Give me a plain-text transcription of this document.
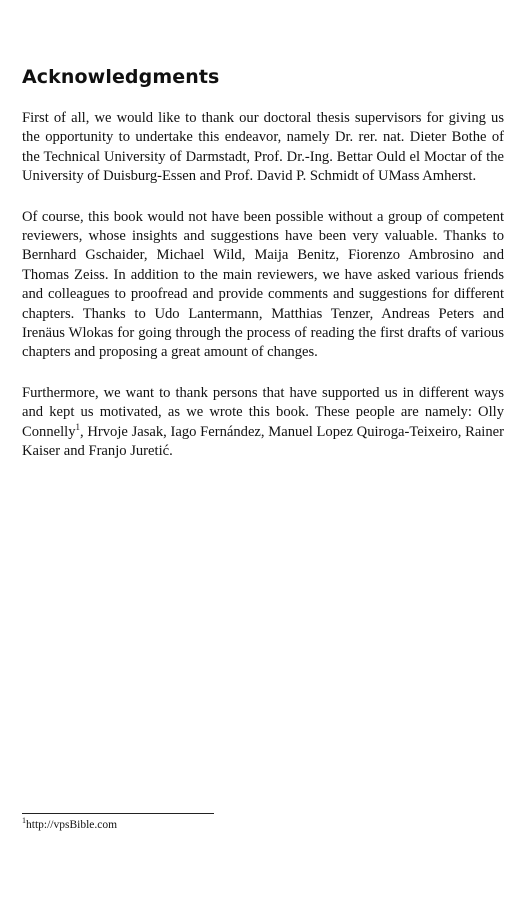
Acknowledgments

First of all, we would like to thank our doctoral thesis supervisors for giving us the opportunity to undertake this endeavor, namely Dr. rer. nat. Dieter Bothe of the Technical University of Darmstadt, Prof. Dr.-Ing. Bettar Ould el Moctar of the University of Duisburg-Essen and Prof. David P. Schmidt of UMass Amherst.

Of course, this book would not have been possible without a group of competent reviewers, whose insights and suggestions have been very valuable. Thanks to Bernhard Gschaider, Michael Wild, Maija Benitz, Fiorenzo Ambrosino and Thomas Zeiss. In addition to the main reviewers, we have asked various friends and colleagues to proofread and provide comments and suggestions for different chapters. Thanks to Udo Lantermann, Matthias Tenzer, Andreas Peters and Irenäus Wlokas for going through the process of reading the first drafts of various chapters and proposing a great amount of changes.

Furthermore, we want to thank persons that have supported us in different ways and kept us motivated, as we wrote this book. These people are namely: Olly Connelly$^1$, Hrvoje Jasak, Iago Fernández, Manuel Lopez Quiroga-Teixeiro, Rainer Kaiser and Franjo Juretić.

$^1$http://vpsBible.com
